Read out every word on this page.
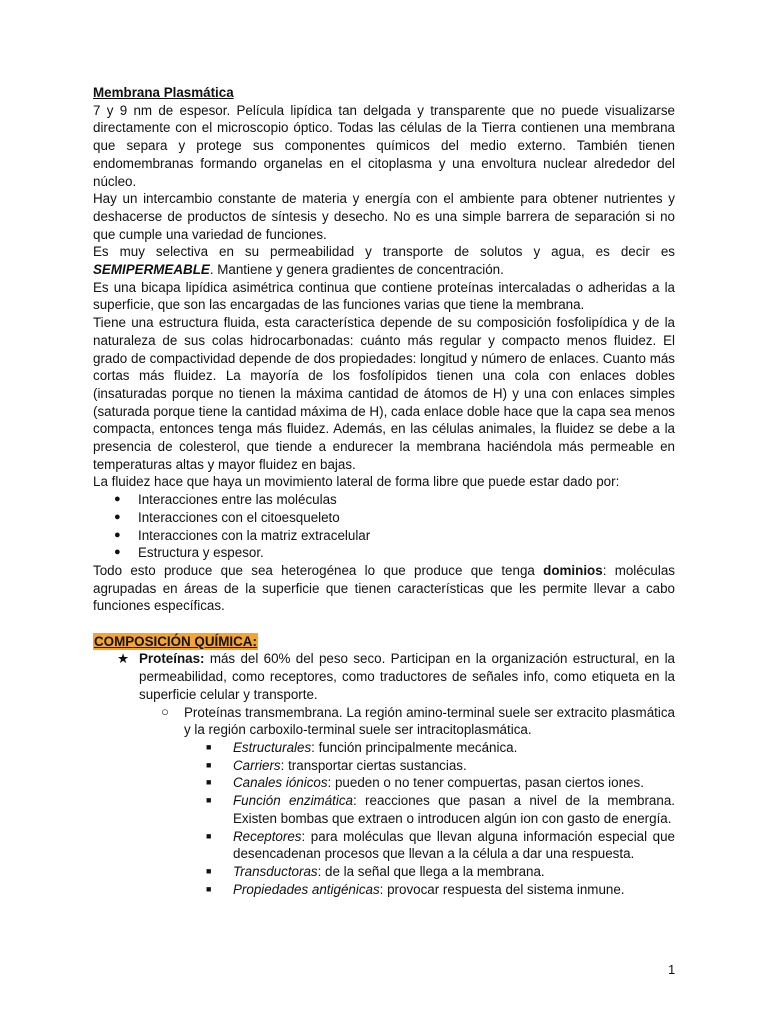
Membrana Plasmática

7 y 9 nm de espesor. Película lipídica tan delgada y transparente que no puede visualizarse directamente con el microscopio óptico. Todas las células de la Tierra contienen una membrana que separa y protege sus componentes químicos del medio externo. También tienen endomembranas formando organelas en el citoplasma y una envoltura nuclear alrededor del núcleo.

Hay un intercambio constante de materia y energía con el ambiente para obtener nutrientes y deshacerse de productos de síntesis y desecho. No es una simple barrera de separación si no que cumple una variedad de funciones.

Es muy selectiva en su permeabilidad y transporte de solutos y agua, es decir es SEMIPERMEABLE. Mantiene y genera gradientes de concentración.

Es una bicapa lipídica asimétrica continua que contiene proteínas intercaladas o adheridas a la superficie, que son las encargadas de las funciones varias que tiene la membrana.

Tiene una estructura fluida, esta característica depende de su composición fosfolipídica y de la naturaleza de sus colas hidrocarbonadas: cuánto más regular y compacto menos fluidez. El grado de compactividad depende de dos propiedades: longitud y número de enlaces. Cuanto más cortas más fluidez. La mayoría de los fosfolípidos tienen una cola con enlaces dobles (insaturadas porque no tienen la máxima cantidad de átomos de H) y una con enlaces simples (saturada porque tiene la cantidad máxima de H), cada enlace doble hace que la capa sea menos compacta, entonces tenga más fluidez. Además, en las células animales, la fluidez se debe a la presencia de colesterol, que tiende a endurecer la membrana haciéndola más permeable en temperaturas altas y mayor fluidez en bajas.

La fluidez hace que haya un movimiento lateral de forma libre que puede estar dado por:

● Interacciones entre las moléculas
● Interacciones con el citoesqueleto
● Interacciones con la matriz extracelular
● Estructura y espesor.

Todo esto produce que sea heterogénea lo que produce que tenga dominios: moléculas agrupadas en áreas de la superficie que tienen características que les permite llevar a cabo funciones específicas.

COMPOSICIÓN QUÍMICA:
★ Proteínas: más del 60% del peso seco. Participan en la organización estructural, en la permeabilidad, como receptores, como traductores de señales info, como etiqueta en la superficie celular y transporte.
○ Proteínas transmembrana. La región amino-terminal suele ser extracito plasmática y la región carboxilo-terminal suele ser intracitoplasmática.
■ Estructurales: función principalmente mecánica.
■ Carriers: transportar ciertas sustancias.
■ Canales iónicos: pueden o no tener compuertas, pasan ciertos iones.
■ Función enzimática: reacciones que pasan a nivel de la membrana. Existen bombas que extraen o introducen algún ion con gasto de energía.
■ Receptores: para moléculas que llevan alguna información especial que desencadenan procesos que llevan a la célula a dar una respuesta.
■ Transductoras: de la señal que llega a la membrana.
■ Propiedades antigénicas: provocar respuesta del sistema inmune.
1
